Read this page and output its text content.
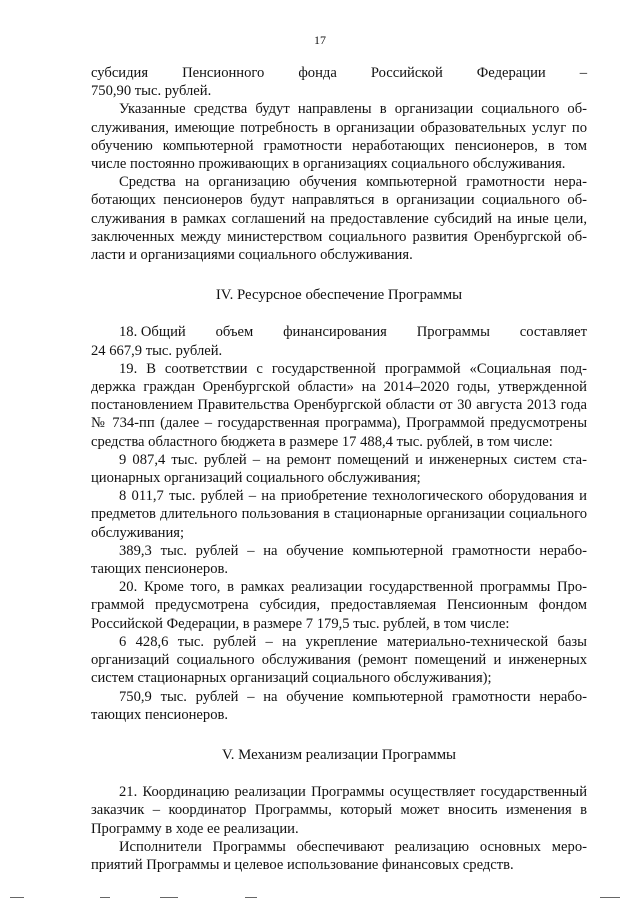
17
субсидия Пенсионного фонда Российской Федерации –

750,90 тыс. рублей.

Указанные средства будут направлены в организации социального обслуживания, имеющие потребность в организации образовательных услуг по обучению компьютерной грамотности неработающих пенсионеров, в том числе постоянно проживающих в организациях социального обслуживания.

Средства на организацию обучения компьютерной грамотности неработающих пенсионеров будут направляться в организации социального обслуживания в рамках соглашений на предоставление субсидий на иные цели, заключенных между министерством социального развития Оренбургской области и организациями социального обслуживания.

IV. Ресурсное обеспечение Программы

18. Общий объем финансирования Программы составляет

24 667,9 тыс. рублей.

19. В соответствии с государственной программой «Социальная поддержка граждан Оренбургской области» на 2014–2020 годы, утвержденной постановлением Правительства Оренбургской области от 30 августа 2013 года № 734-пп (далее – государственная программа), Программой предусмотрены средства областного бюджета в размере 17 488,4 тыс. рублей, в том числе:

9 087,4 тыс. рублей – на ремонт помещений и инженерных систем стационарных организаций социального обслуживания;

8 011,7 тыс. рублей – на приобретение технологического оборудования и предметов длительного пользования в стационарные организации социального обслуживания;

389,3 тыс. рублей – на обучение компьютерной грамотности неработающих пенсионеров.

20. Кроме того, в рамках реализации государственной программы Программой предусмотрена субсидия, предоставляемая Пенсионным фондом Российской Федерации, в размере 7 179,5 тыс. рублей, в том числе:

6 428,6 тыс. рублей – на укрепление материально-технической базы организаций социального обслуживания (ремонт помещений и инженерных систем стационарных организаций социального обслуживания);

750,9 тыс. рублей – на обучение компьютерной грамотности неработающих пенсионеров.

V. Механизм реализации Программы

21. Координацию реализации Программы осуществляет государственный заказчик – координатор Программы, который может вносить изменения в Программу в ходе ее реализации.

Исполнители Программы обеспечивают реализацию основных мероприятий Программы и целевое использование финансовых средств.
